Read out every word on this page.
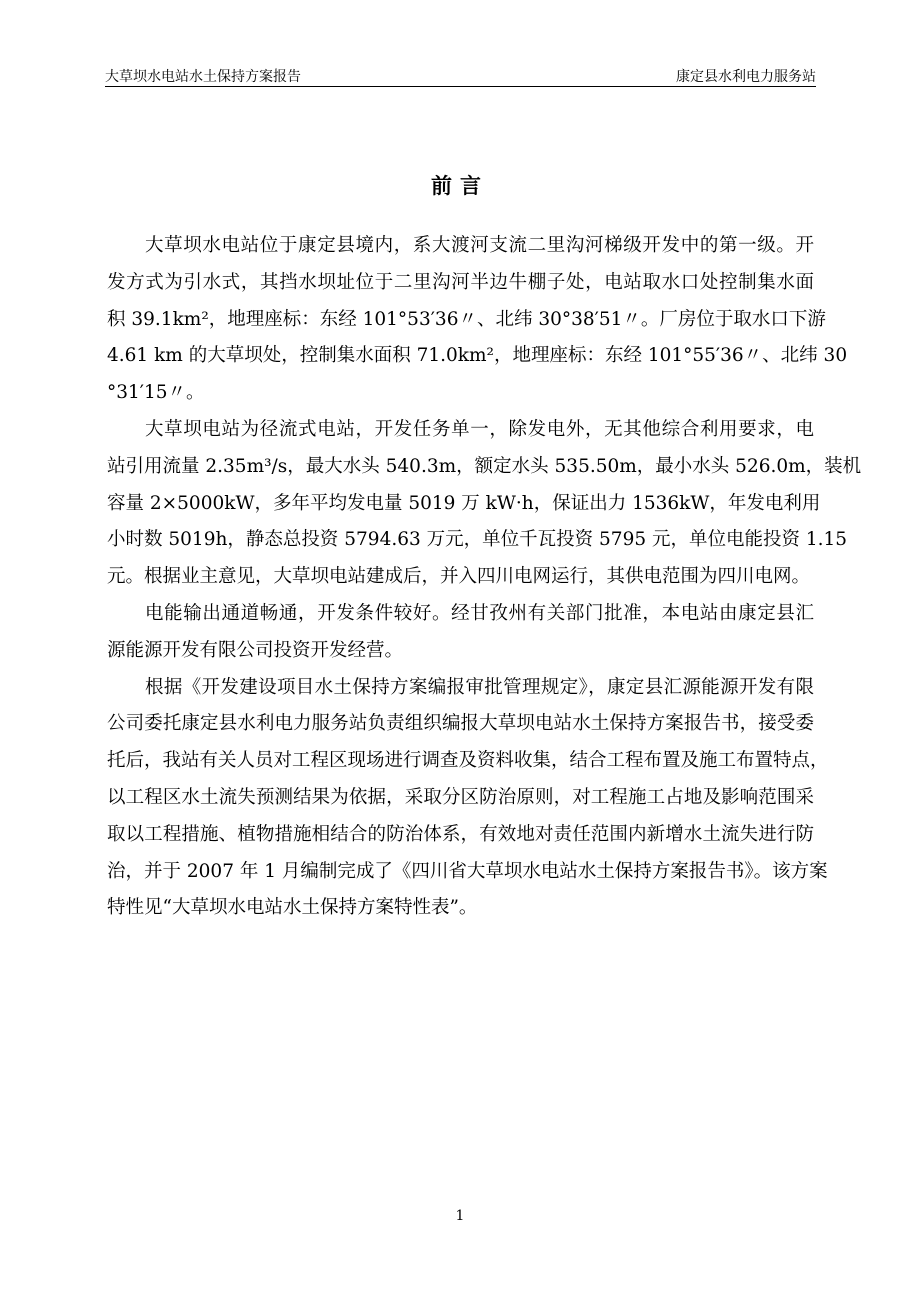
大草坝水电站水土保持方案报告	康定县水利电力服务站
前言
大草坝水电站位于康定县境内，系大渡河支流二里沟河梯级开发中的第一级。开
发方式为引水式，其挡水坝址位于二里沟河半边牛棚子处，电站取水口处控制集水面
积 39.1km²，地理座标：东经 101°53′36〃、北纬 30°38′51〃。厂房位于取水口下游
4.61 km 的大草坝处，控制集水面积 71.0km²，地理座标：东经 101°55′36〃、北纬 30
°31′15〃。
大草坝电站为径流式电站，开发任务单一，除发电外，无其他综合利用要求，电
站引用流量 2.35m³/s，最大水头 540.3m，额定水头 535.50m，最小水头 526.0m，装机
容量 2×5000kW，多年平均发电量 5019 万 kW·h，保证出力 1536kW，年发电利用
小时数 5019h，静态总投资 5794.63 万元，单位千瓦投资 5795 元，单位电能投资 1.15
元。根据业主意见，大草坝电站建成后，并入四川电网运行，其供电范围为四川电网。
电能输出通道畅通，开发条件较好。经甘孜州有关部门批准，本电站由康定县汇
源能源开发有限公司投资开发经营。
根据《开发建设项目水土保持方案编报审批管理规定》，康定县汇源能源开发有限
公司委托康定县水利电力服务站负责组织编报大草坝电站水土保持方案报告书，接受委
托后，我站有关人员对工程区现场进行调查及资料收集，结合工程布置及施工布置特点，
以工程区水土流失预测结果为依据，采取分区防治原则，对工程施工占地及影响范围采
取以工程措施、植物措施相结合的防治体系，有效地对责任范围内新增水土流失进行防
治，并于 2007 年 1 月编制完成了《四川省大草坝水电站水土保持方案报告书》。该方案
特性见“大草坝水电站水土保持方案特性表”。
1
